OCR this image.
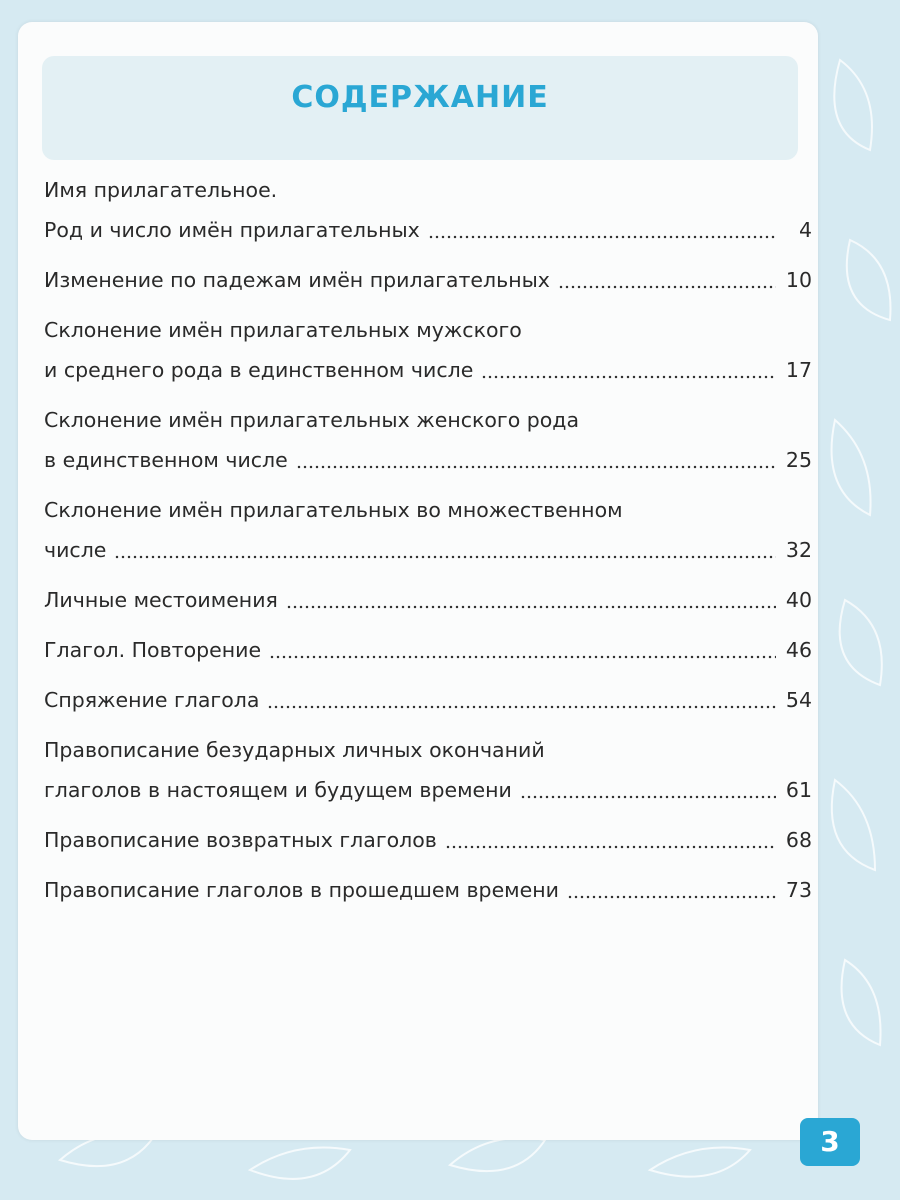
СОДЕРЖАНИЕ
Имя прилагательное.
Род и число имён прилагательных	4
Изменение по падежам имён прилагательных	10
Склонение имён прилагательных мужского
и среднего рода в единственном числе	17
Склонение имён прилагательных женского рода
в единственном числе	25
Склонение имён прилагательных во множественном
числе	32
Личные местоимения	40
Глагол. Повторение	46
Спряжение глагола	54
Правописание безударных личных окончаний
глаголов в настоящем и будущем времени	61
Правописание возвратных глаголов	68
Правописание глаголов в прошедшем времени	73
3
